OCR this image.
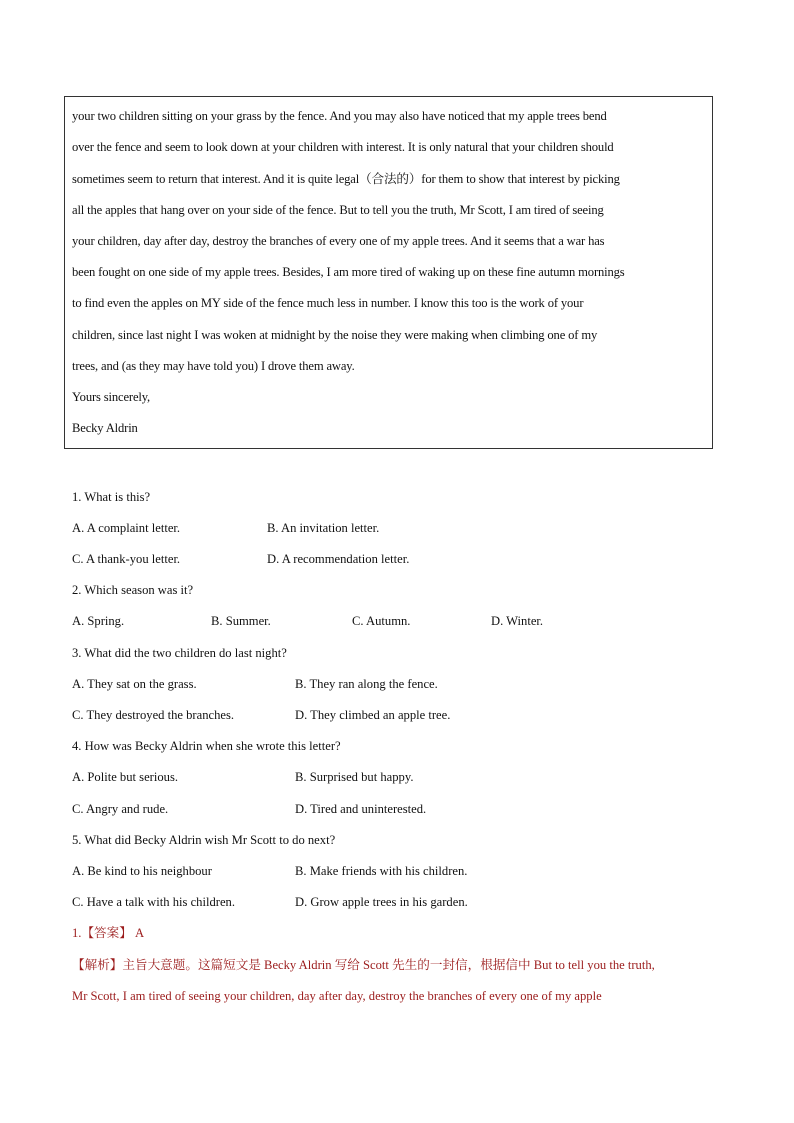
your two children sitting on your grass by the fence. And you may also have noticed that my apple trees bend
over the fence and seem to look down at your children with interest. It is only natural that your children should
sometimes seem to return that interest. And it is quite legal（合法的）for them to show that interest by picking
all the apples that hang over on your side of the fence. But to tell you the truth, Mr Scott, I am tired of seeing
your children, day after day, destroy the branches of every one of my apple trees. And it seems that a war has
been fought on one side of my apple trees. Besides, I am more tired of waking up on these fine autumn mornings
to find even the apples on MY side of the fence much less in number. I know this too is the work of your
children, since last night I was woken at midnight by the noise they were making when climbing one of my
trees, and (as they may have told you) I drove them away.
Yours sincerely,
Becky Aldrin
1. What is this?
A. A complaint letter.	B. An invitation letter.
C. A thank-you letter.	D. A recommendation letter.
2. Which season was it?
A. Spring.	B. Summer.	C. Autumn.	D. Winter.
3. What did the two children do last night?
A. They sat on the grass.	B. They ran along the fence.
C. They destroyed the branches.	D. They climbed an apple tree.
4. How was Becky Aldrin when she wrote this letter?
A. Polite but serious.	B. Surprised but happy.
C. Angry and rude.	D. Tired and uninterested.
5. What did Becky Aldrin wish Mr Scott to do next?
A. Be kind to his neighbour	B. Make friends with his children.
C. Have a talk with his children.	D. Grow apple trees in his garden.
1.【答案】 A
【解析】主旨大意题。这篇短文是 Becky Aldrin 写给 Scott 先生的一封信，根据信中 But to tell you the truth,
Mr Scott, I am tired of seeing your children, day after day, destroy the branches of every one of my apple
